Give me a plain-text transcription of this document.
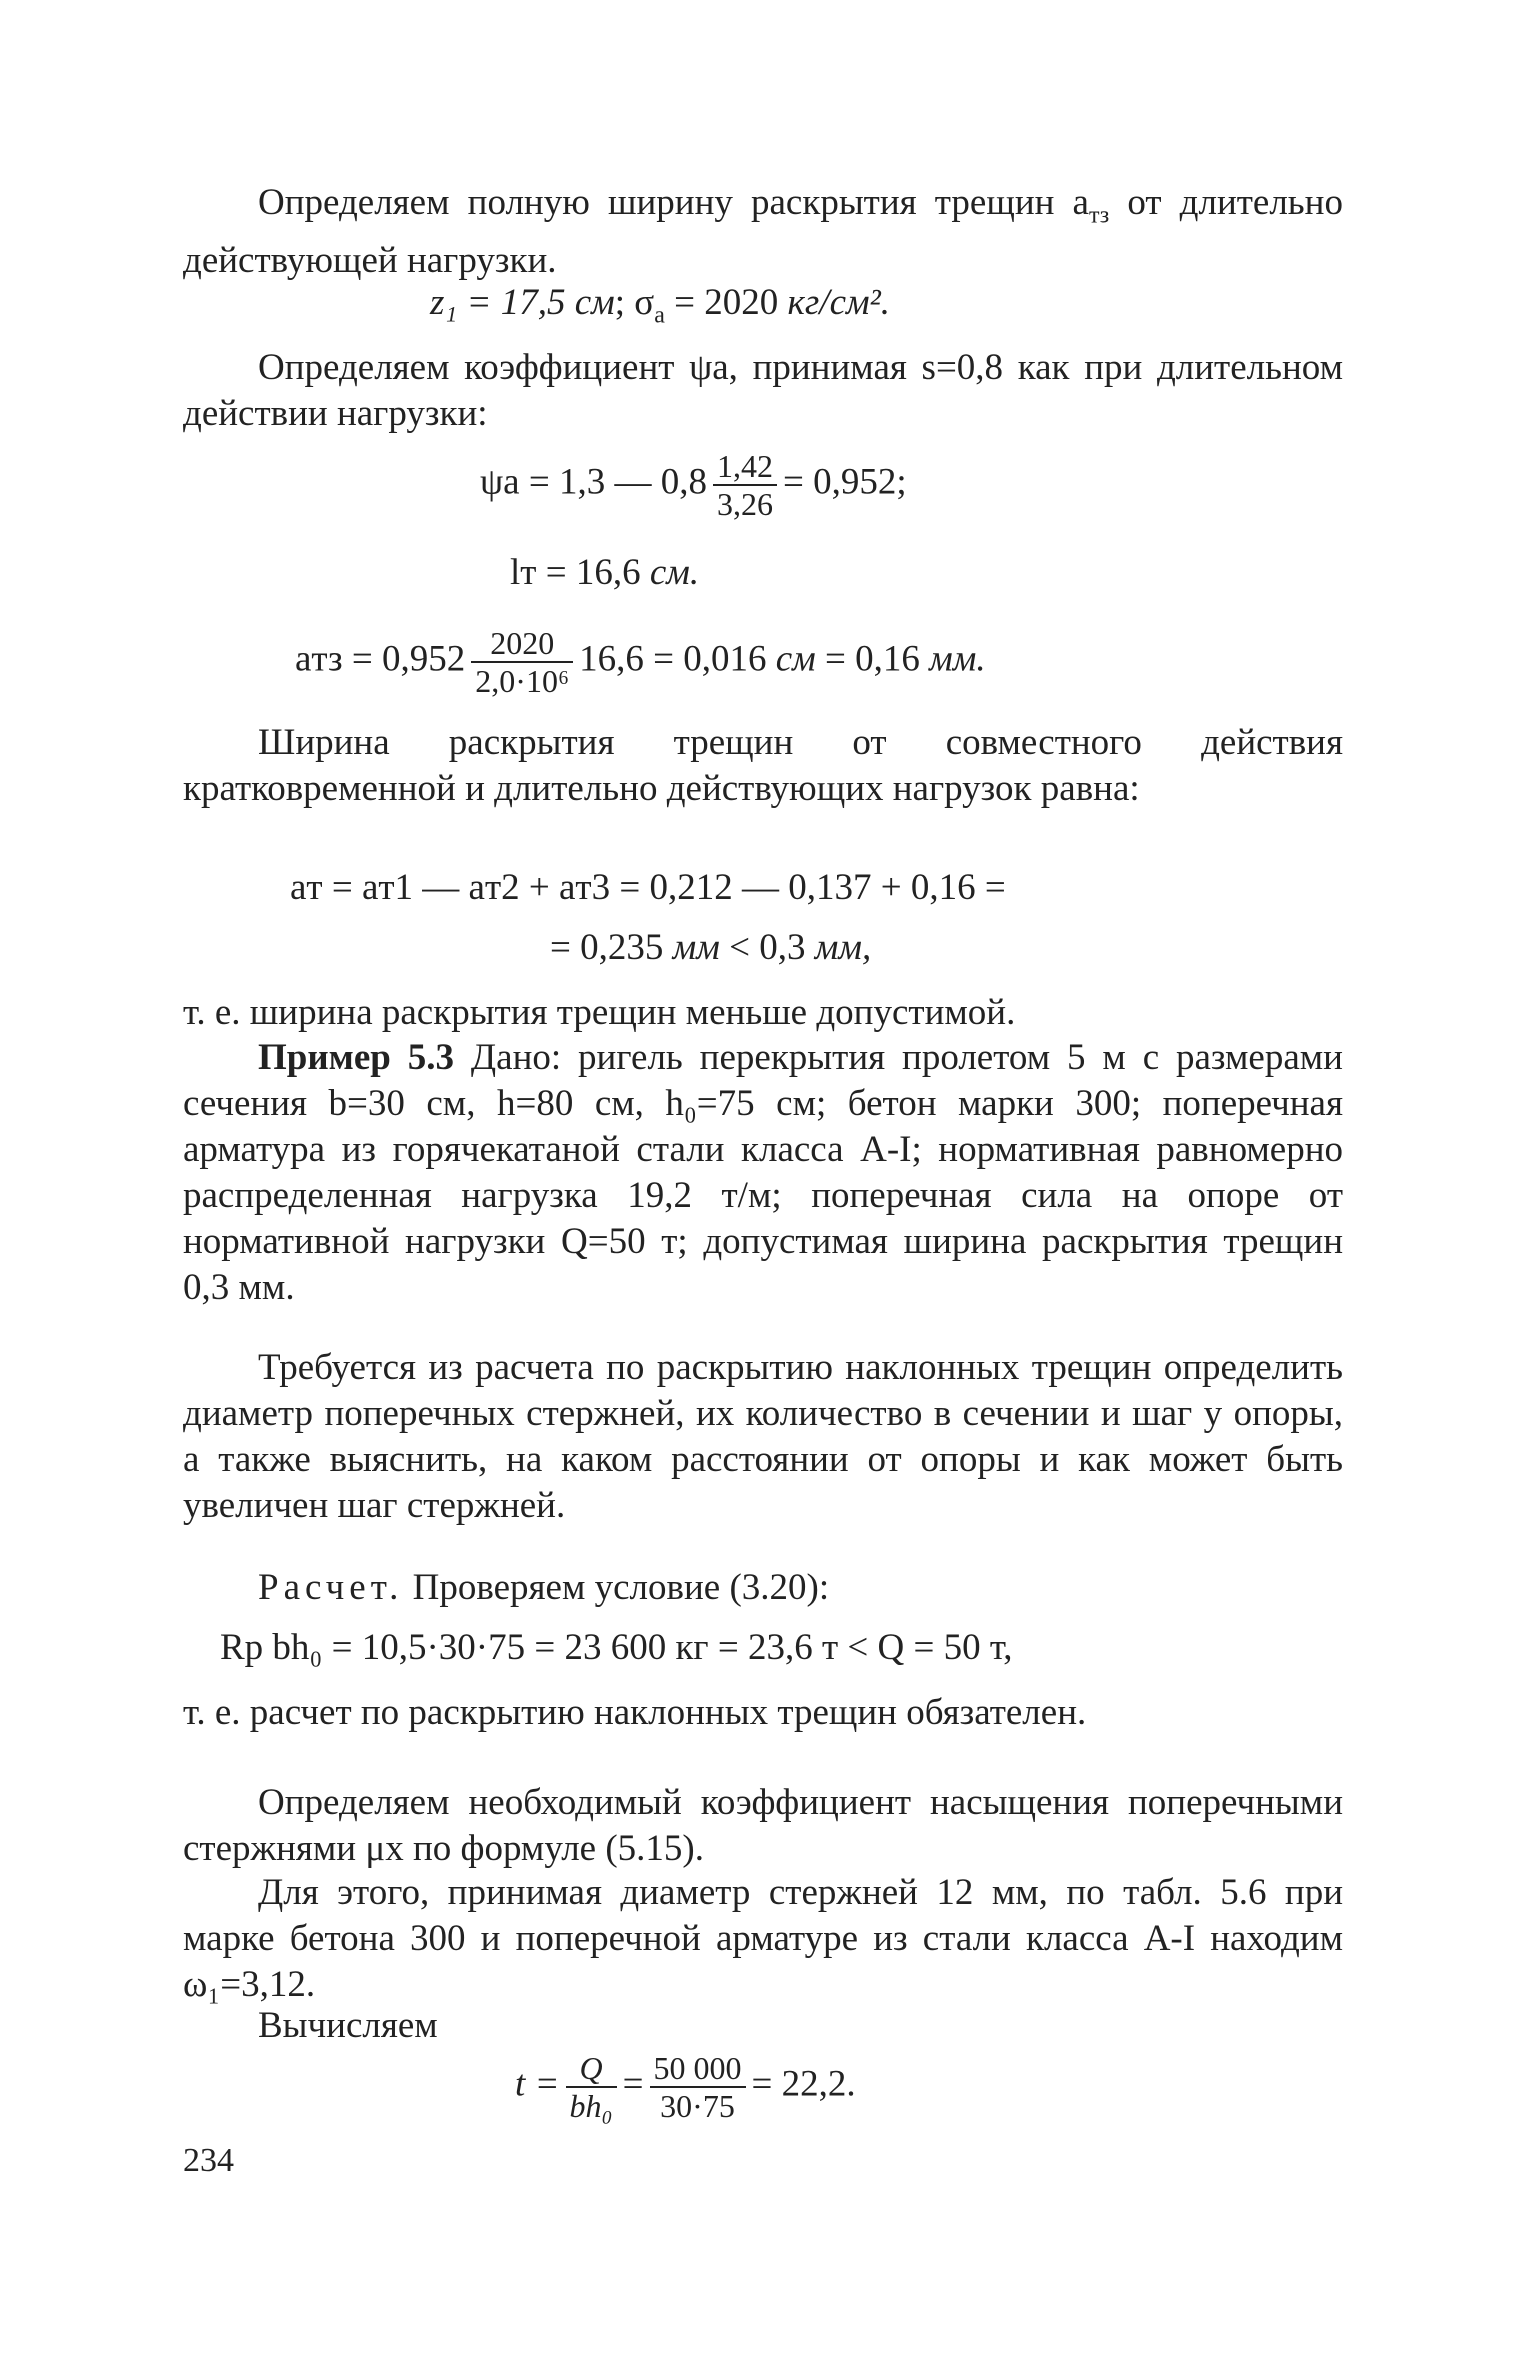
Определяем полную ширину раскрытия трещин $a_{тз}$ от длительно действующей нагрузки.
z₁ = 17,5 см; $\sigma_а = 2020$ кг/см².
Определяем коэффициент ψa, принимая s=0,8 как при длительном действии нагрузки:
ψа = 1,3 — $0,8 \frac{1,42}{3,26} = 0,952$;
lт = 16,6 см.
aтз = $0,952 \frac{2020}{\text{2,0·10⁶}} 16,6 = 0,016$ см = 0,16 мм.
Ширина раскрытия трещин от совместного действия кратковременной и длительно действующих нагрузок равна:
aт = aт1 — aт2 + aт3 = 0,212 — 0,137 + 0,16 =
= 0,235 мм < 0,3 мм,
т. е. ширина раскрытия трещин меньше допустимой.
Пример 5.3 Дано: ригель перекрытия пролетом 5 м с размерами сечения b=30 см, h=80 см, h₀=75 см; бетон марки 300; поперечная арматура из горячекатаной стали класса А-I; нормативная равномерно распределенная нагрузка 19,2 т/м; поперечная сила на опоре от нормативной нагрузки Q=50 т; допустимая ширина раскрытия трещин 0,3 мм.
Требуется из расчета по раскрытию наклонных трещин определить диаметр поперечных стержней, их количество в сечении и шаг у опоры, а также выяснить, на каком расстоянии от опоры и как может быть увеличен шаг стержней.
Расчет. Проверяем условие (3.20):
Rр bh₀ = 10,5·30·75 = 23 600 кг = 23,6 т < Q = 50 т,
т. е. расчет по раскрытию наклонных трещин обязателен.
Определяем необходимый коэффициент насыщения поперечными стержнями μx по формуле (5.15).
Для этого, принимая диаметр стержней 12 мм, по табл. 5.6 при марке бетона 300 и поперечной арматуре из стали класса А-I находим ω₁=3,12.
Вычисляем
$t = \frac{Q}{\text{bh₀}} = \frac{50 000}{30\cdot 75} = 22,2$.
234
